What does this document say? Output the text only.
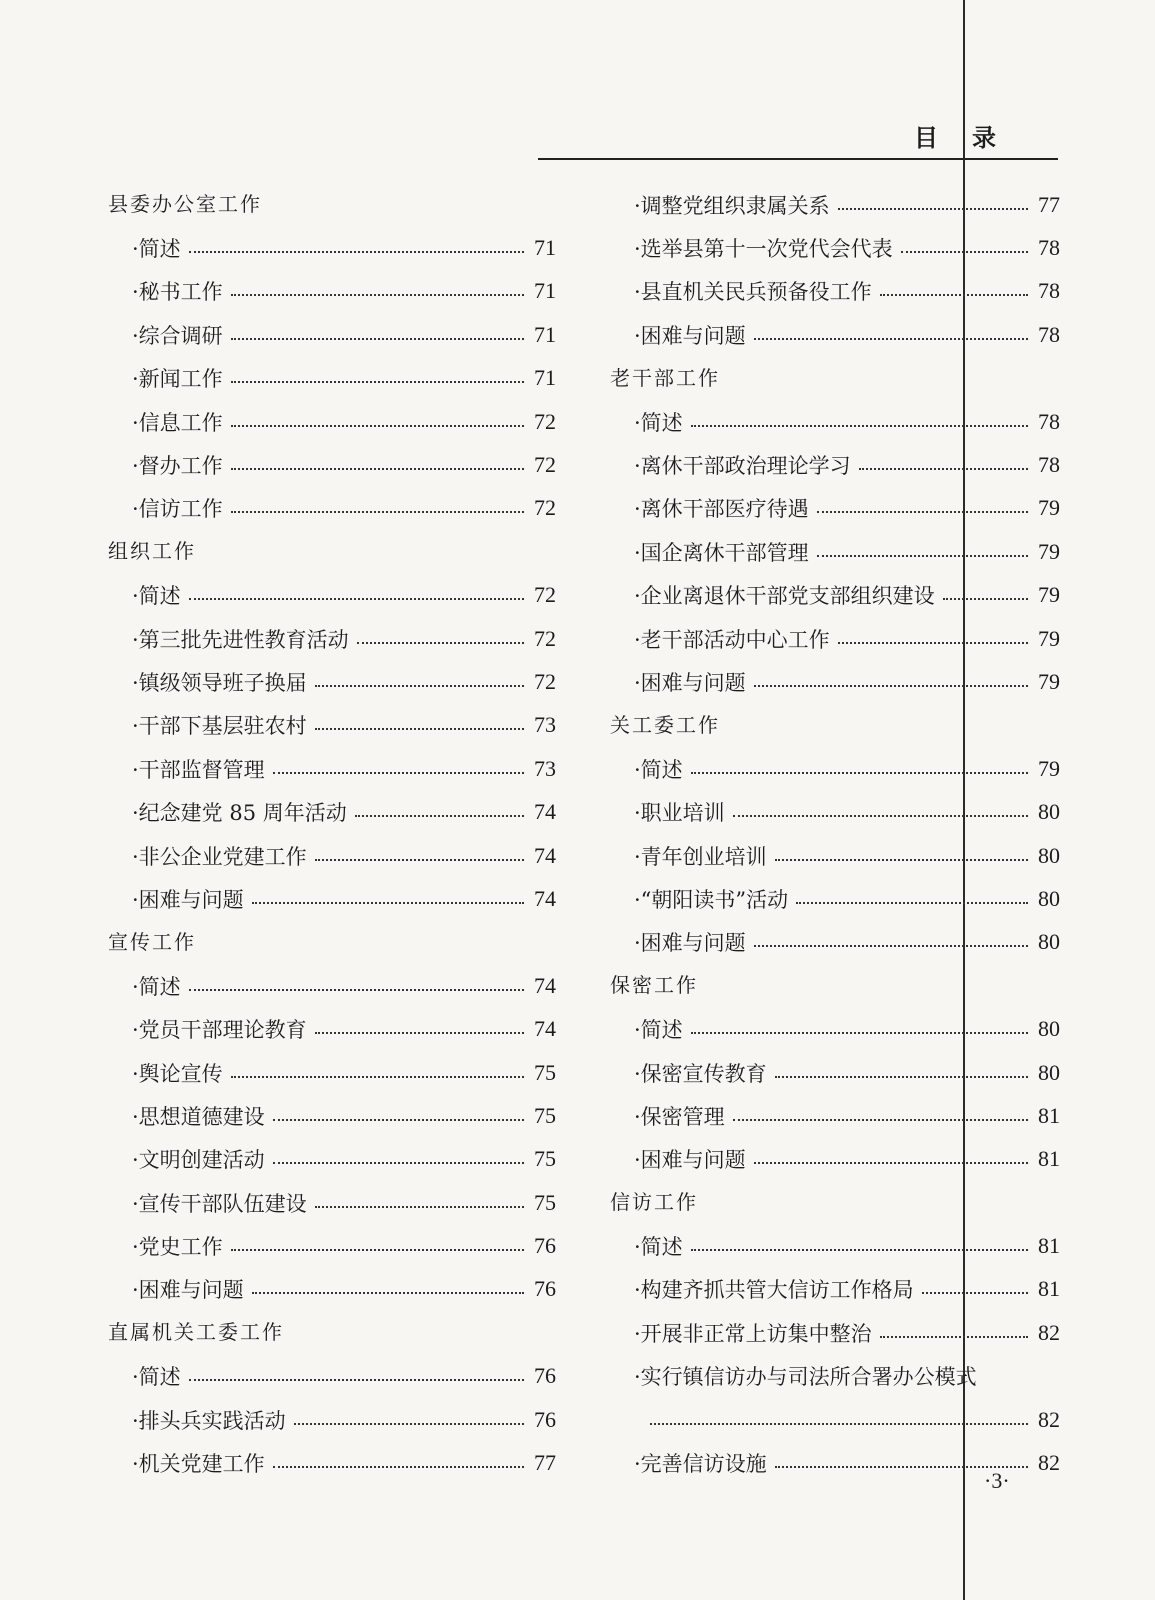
目录
县委办公室工作
·简述	71
·秘书工作	71
·综合调研	71
·新闻工作	71
·信息工作	72
·督办工作	72
·信访工作	72
组织工作
·简述	72
·第三批先进性教育活动	72
·镇级领导班子换届	72
·干部下基层驻农村	73
·干部监督管理	73
·纪念建党 85 周年活动	74
·非公企业党建工作	74
·困难与问题	74
宣传工作
·简述	74
·党员干部理论教育	74
·舆论宣传	75
·思想道德建设	75
·文明创建活动	75
·宣传干部队伍建设	75
·党史工作	76
·困难与问题	76
直属机关工委工作
·简述	76
·排头兵实践活动	76
·机关党建工作	77
·调整党组织隶属关系	77
·选举县第十一次党代会代表	78
·县直机关民兵预备役工作	78
·困难与问题	78
老干部工作
·简述	78
·离休干部政治理论学习	78
·离休干部医疗待遇	79
·国企离休干部管理	79
·企业离退休干部党支部组织建设	79
·老干部活动中心工作	79
·困难与问题	79
关工委工作
·简述	79
·职业培训	80
·青年创业培训	80
·“朝阳读书”活动	80
·困难与问题	80
保密工作
·简述	80
·保密宣传教育	80
·保密管理	81
·困难与问题	81
信访工作
·简述	81
·构建齐抓共管大信访工作格局	81
·开展非正常上访集中整治	82
·实行镇信访办与司法所合署办公模式
82
·完善信访设施	82
·3·
